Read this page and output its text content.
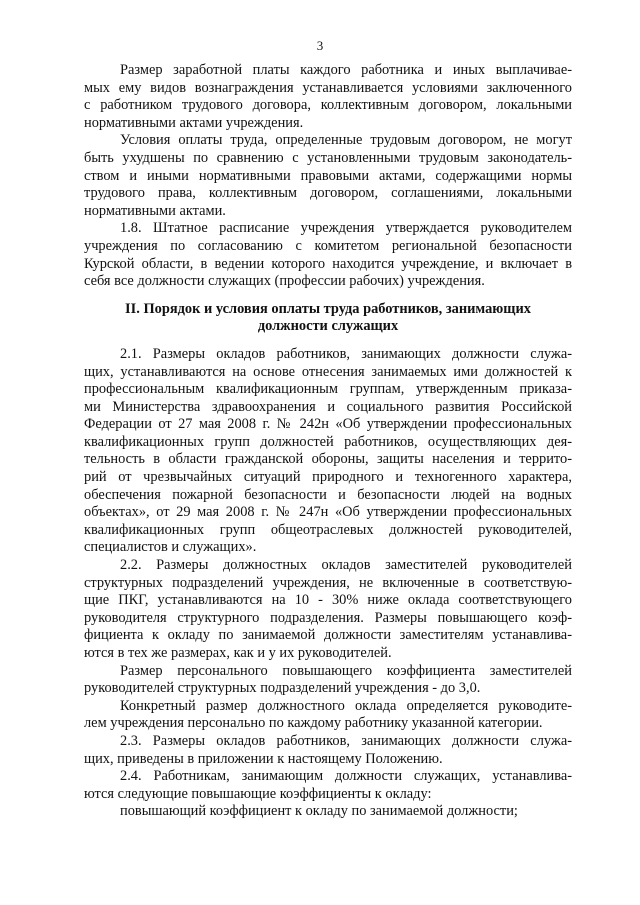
3
Размер заработной платы каждого работника и иных выплачивае-
мых ему видов вознаграждения устанавливается условиями заключенного
с работником трудового договора, коллективным договором, локальными
нормативными актами учреждения.
Условия оплаты труда, определенные трудовым договором, не могут
быть ухудшены по сравнению с установленными трудовым законодатель-
ством и иными нормативными правовыми актами, содержащими нормы
трудового права, коллективным договором, соглашениями, локальными
нормативными актами.
1.8. Штатное расписание учреждения утверждается руководителем
учреждения по согласованию с комитетом региональной безопасности
Курской области, в ведении которого находится учреждение, и включает в
себя все должности служащих (профессии рабочих) учреждения.
II. Порядок и условия оплаты труда работников, занимающих
должности служащих
2.1. Размеры окладов работников, занимающих должности служа-
щих, устанавливаются на основе отнесения занимаемых ими должностей к
профессиональным квалификационным группам, утвержденным приказа-
ми Министерства здравоохранения и социального развития Российской
Федерации от 27 мая 2008 г. № 242н «Об утверждении профессиональных
квалификационных групп должностей работников, осуществляющих дея-
тельность в области гражданской обороны, защиты населения и террито-
рий от чрезвычайных ситуаций природного и техногенного характера,
обеспечения пожарной безопасности и безопасности людей на водных
объектах», от 29 мая 2008 г. № 247н «Об утверждении профессиональных
квалификационных групп общеотраслевых должностей руководителей,
специалистов и служащих».
2.2. Размеры должностных окладов заместителей руководителей
структурных подразделений учреждения, не включенные в соответствую-
щие ПКГ, устанавливаются на 10 - 30% ниже оклада соответствующего
руководителя структурного подразделения. Размеры повышающего коэф-
фициента к окладу по занимаемой должности заместителям устанавлива-
ются в тех же размерах, как и у их руководителей.
Размер персонального повышающего коэффициента заместителей
руководителей структурных подразделений учреждения - до 3,0.
Конкретный размер должностного оклада определяется руководите-
лем учреждения персонально по каждому работнику указанной категории.
2.3. Размеры окладов работников, занимающих должности служа-
щих, приведены в приложении к настоящему Положению.
2.4. Работникам, занимающим должности служащих, устанавлива-
ются следующие повышающие коэффициенты к окладу:
повышающий коэффициент к окладу по занимаемой должности;
